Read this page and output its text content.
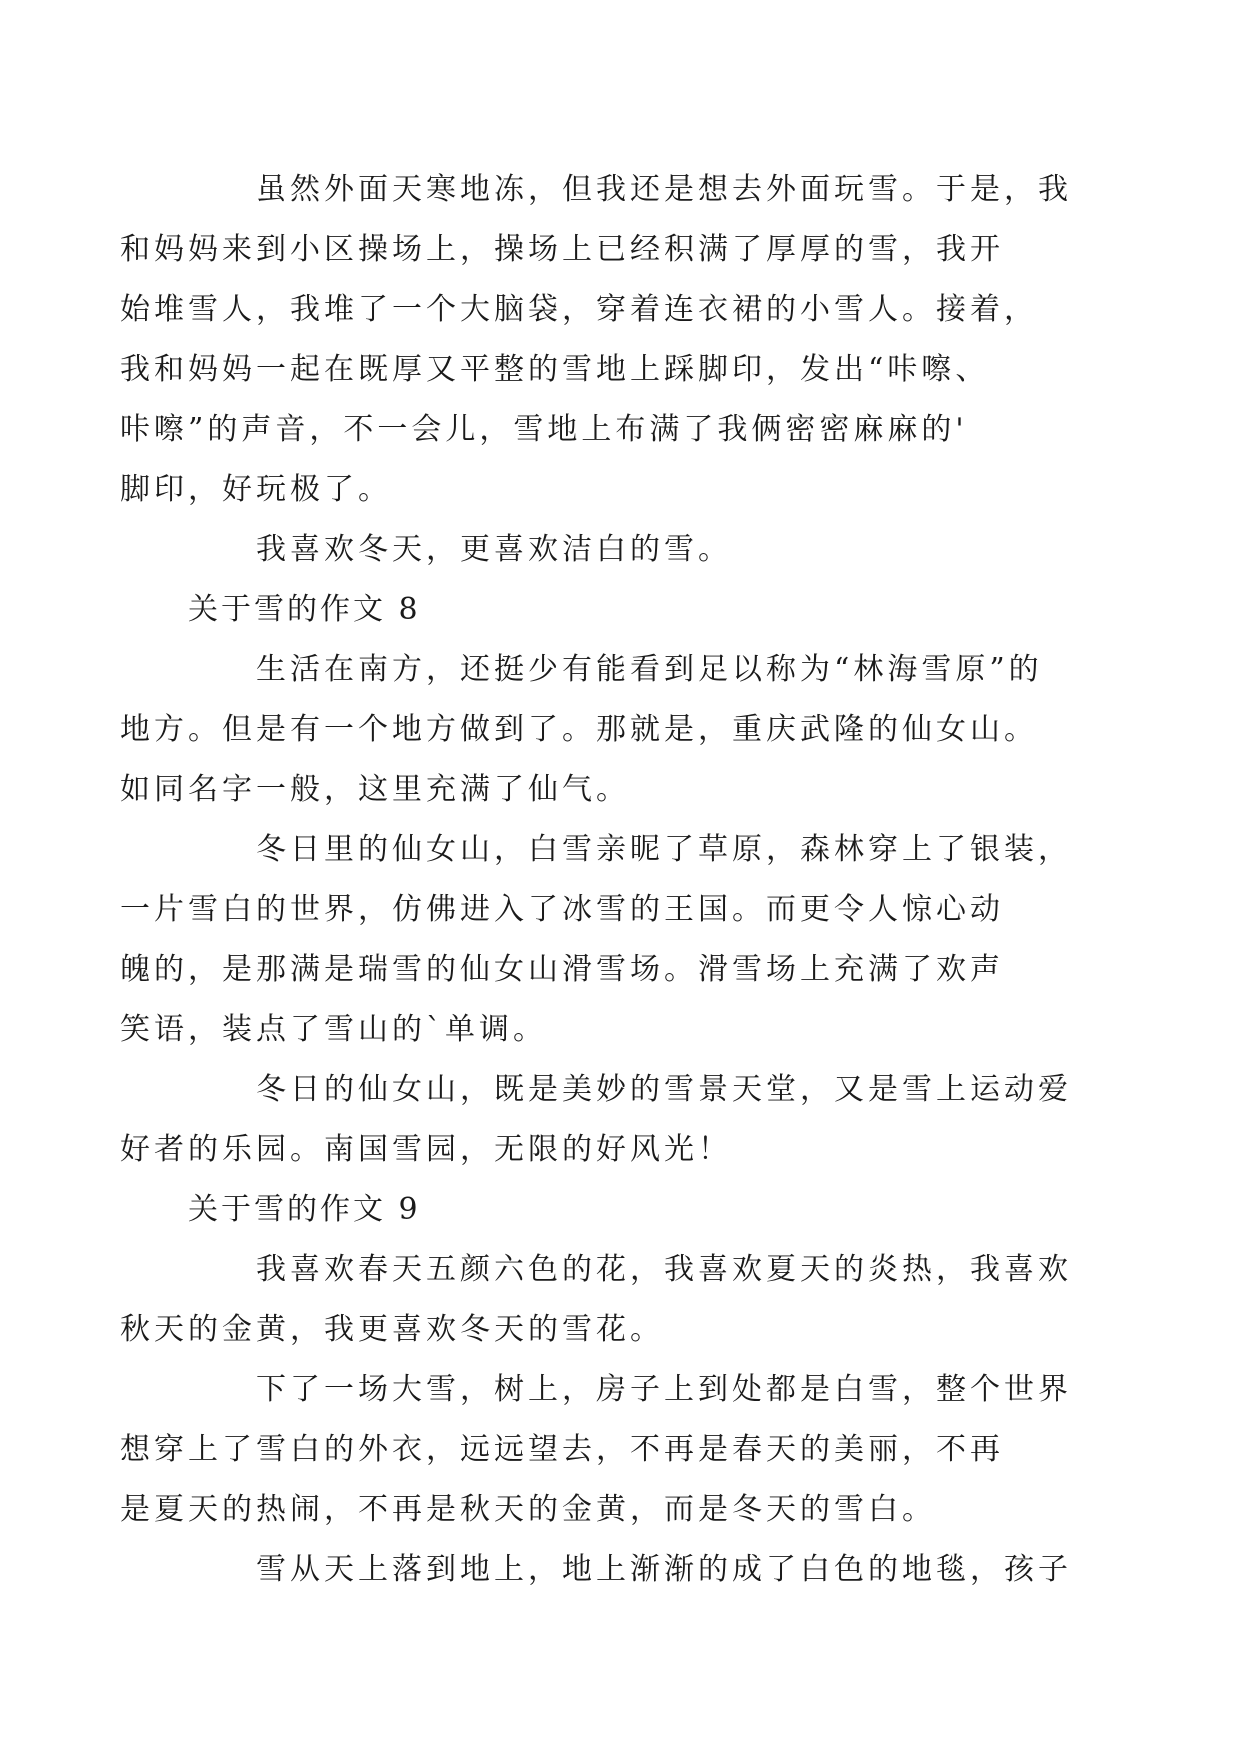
虽然外面天寒地冻，但我还是想去外面玩雪。于是，我
和妈妈来到小区操场上，操场上已经积满了厚厚的雪，我开
始堆雪人，我堆了一个大脑袋，穿着连衣裙的小雪人。接着，
我和妈妈一起在既厚又平整的雪地上踩脚印，发出“咔嚓、
咔嚓”的声音，不一会儿，雪地上布满了我俩密密麻麻的'
脚印，好玩极了。

我喜欢冬天，更喜欢洁白的雪。

关于雪的作文 8

生活在南方，还挺少有能看到足以称为“林海雪原”的
地方。但是有一个地方做到了。那就是，重庆武隆的仙女山。
如同名字一般，这里充满了仙气。

冬日里的仙女山，白雪亲昵了草原，森林穿上了银装，
一片雪白的世界，仿佛进入了冰雪的王国。而更令人惊心动
魄的，是那满是瑞雪的仙女山滑雪场。滑雪场上充满了欢声
笑语，装点了雪山的`单调。

冬日的仙女山，既是美妙的雪景天堂，又是雪上运动爱
好者的乐园。南国雪园，无限的好风光！

关于雪的作文 9

我喜欢春天五颜六色的花，我喜欢夏天的炎热，我喜欢
秋天的金黄，我更喜欢冬天的雪花。

下了一场大雪，树上，房子上到处都是白雪，整个世界
想穿上了雪白的外衣，远远望去，不再是春天的美丽，不再
是夏天的热闹，不再是秋天的金黄，而是冬天的雪白。

雪从天上落到地上，地上渐渐的成了白色的地毯，孩子
